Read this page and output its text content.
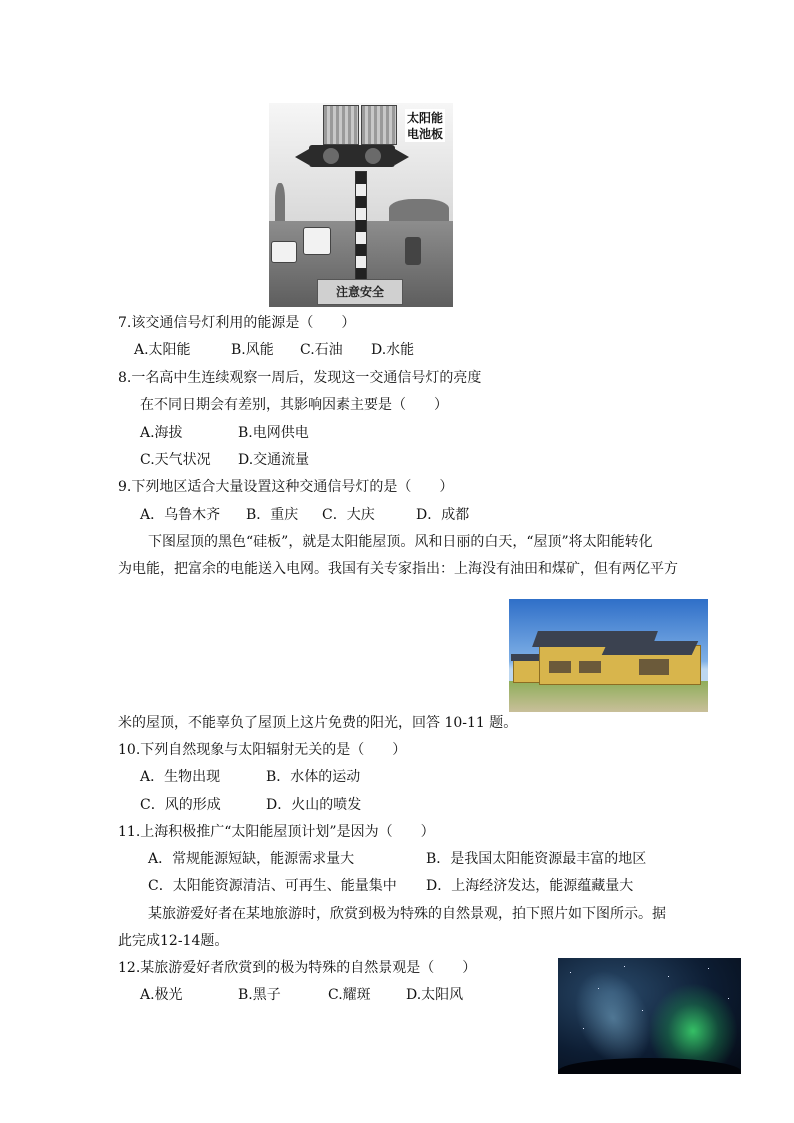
注意安全
太阳能
电池板
7.该交通信号灯利用的能源是（　　）
A.太阳能	B.风能 C.石油 D.水能
8.一名高中生连续观察一周后，发现这一交通信号灯的亮度
在不同日期会有差别，其影响因素主要是（　　）
A.海拔	B.电网供电
C.天气状况 D.交通流量
9.下列地区适合大量设置这种交通信号灯的是（　　）
A．乌鲁木齐 B．重庆 C．大庆	D．成都
下图屋顶的黑色“硅板”，就是太阳能屋顶。风和日丽的白天，“屋顶”将太阳能转化
为电能，把富余的电能送入电网。我国有关专家指出：上海没有油田和煤矿，但有两亿平方
米的屋顶，不能辜负了屋顶上这片免费的阳光，回答 10-11 题。
10.下列自然现象与太阳辐射无关的是（　　）
A．生物出现	B．水体的运动
C．风的形成	D．火山的喷发
11.上海积极推广“太阳能屋顶计划”是因为（　　）
A．常规能源短缺，能源需求量大	B．是我国太阳能资源最丰富的地区
C．太阳能资源清洁、可再生、能量集中 D．上海经济发达，能源蕴藏量大
某旅游爱好者在某地旅游时，欣赏到极为特殊的自然景观，拍下照片如下图所示。据
此完成12-14题。
12.某旅游爱好者欣赏到的极为特殊的自然景观是（　　）
A.极光	B.黑子	C.耀斑	D.太阳风
